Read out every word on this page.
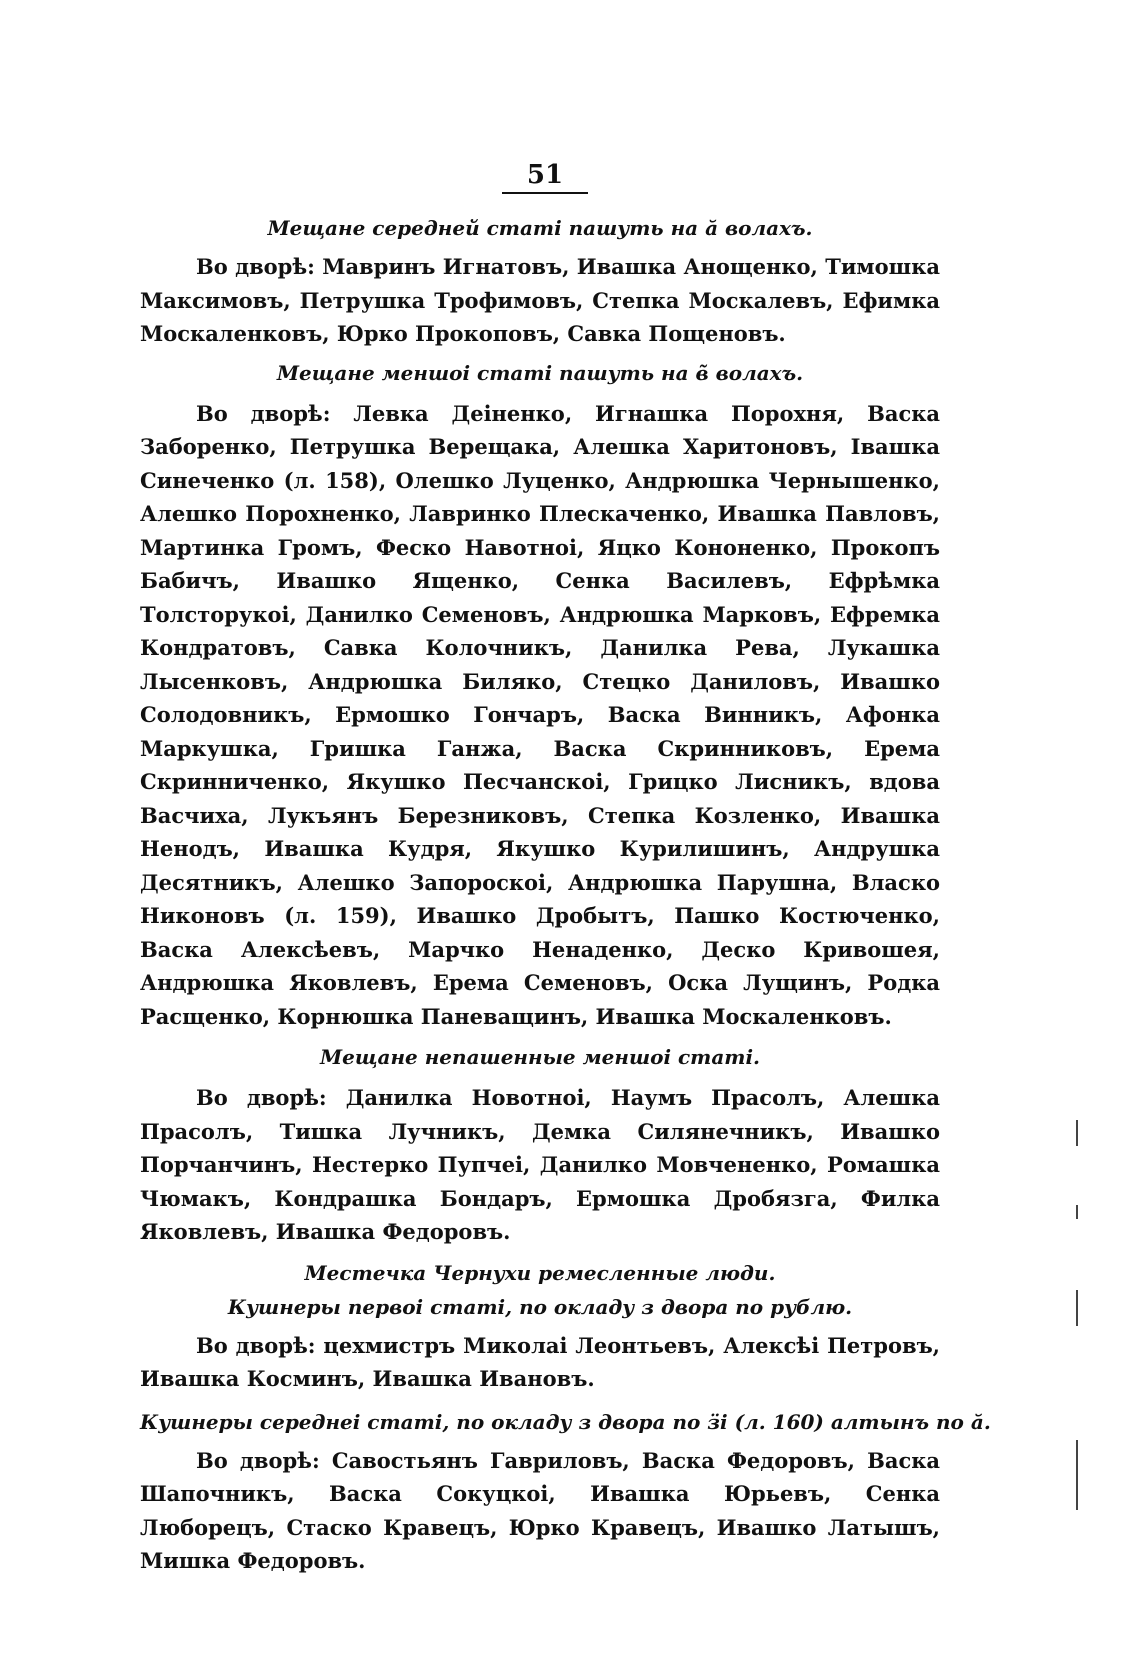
51
Мещане середней статі пашуть на ӑ волахъ.

Во дворѣ: Мавринъ Игнатовъ, Ивашка Анощенко, Тимошка Максимовъ, Петрушка Трофимовъ, Степка Москалевъ, Ефимка Москаленковъ, Юрко Прокоповъ, Савка Пощеновъ.

Мещане меншоі статі пашуть на в̃ волахъ.

Во дворѣ: Левка Деіненко, Игнашка Порохня, Васка Заборенко, Петрушка Верещака, Алешка Харитоновъ, Івашка Синеченко (л. 158), Олешко Луценко, Андрюшка Чернышенко, Алешко Порохненко, Лавринко Плескаченко, Ивашка Павловъ, Мартинка Громъ, Феско Навотноі, Яцко Кононенко, Прокопъ Бабичъ, Ивашко Ященко, Сенка Василевъ, Ефрѣмка Толсторукоі, Данилко Семеновъ, Андрюшка Марковъ, Ефремка Кондратовъ, Савка Колочникъ, Данилка Рева, Лукашка Лысенковъ, Андрюшка Биляко, Стецко Даниловъ, Ивашко Солодовникъ, Ермошко Гончаръ, Васка Винникъ, Афонка Маркушка, Гришка Ганжа, Васка Скринниковъ, Ерема Скринниченко, Якушко Песчанскоі, Грицко Лисникъ, вдова Васчиха, Лукъянъ Березниковъ, Степка Козленко, Ивашка Ненодъ, Ивашка Кудря, Якушко Курилишинъ, Андрушка Десятникъ, Алешко Запороскоі, Андрюшка Парушна, Власко Никоновъ (л. 159), Ивашко Дробытъ, Пашко Костюченко, Васка Алексѣевъ, Марчко Ненаденко, Деско Кривошея, Андрюшка Яковлевъ, Ерема Семеновъ, Оска Лущинъ, Родка Расщенко, Корнюшка Паневащинъ, Ивашка Москаленковъ.

Мещане непашенные меншоі статі.

Во дворѣ: Данилка Новотноі, Наумъ Прасолъ, Алешка Прасолъ, Тишка Лучникъ, Демка Силянечникъ, Ивашко Порчанчинъ, Нестерко Пупчеі, Данилко Мовчененко, Ромашка Чюмакъ, Кондрашка Бондаръ, Ермошка Дробязга, Филка Яковлевъ, Ивашка Федоровъ.

Местечка Чернухи ремесленные люди.
Кушнеры первоі статі, по окладу з двора по рублю.

Во дворѣ: цехмистръ Миколаі Леонтьевъ, Алексѣі Петровъ, Ивашка Косминъ, Ивашка Ивановъ.

Кушнеры середнеі статі, по окладу з двора по ӟі (л. 160) алтынъ по ӑ.

Во дворѣ: Савостьянъ Гавриловъ, Васка Федоровъ, Васка Шапочникъ, Васка Сокуцкоі, Ивашка Юрьевъ, Сенка Люборецъ, Стаско Кравецъ, Юрко Кравецъ, Ивашко Латышъ, Мишка Федоровъ.
